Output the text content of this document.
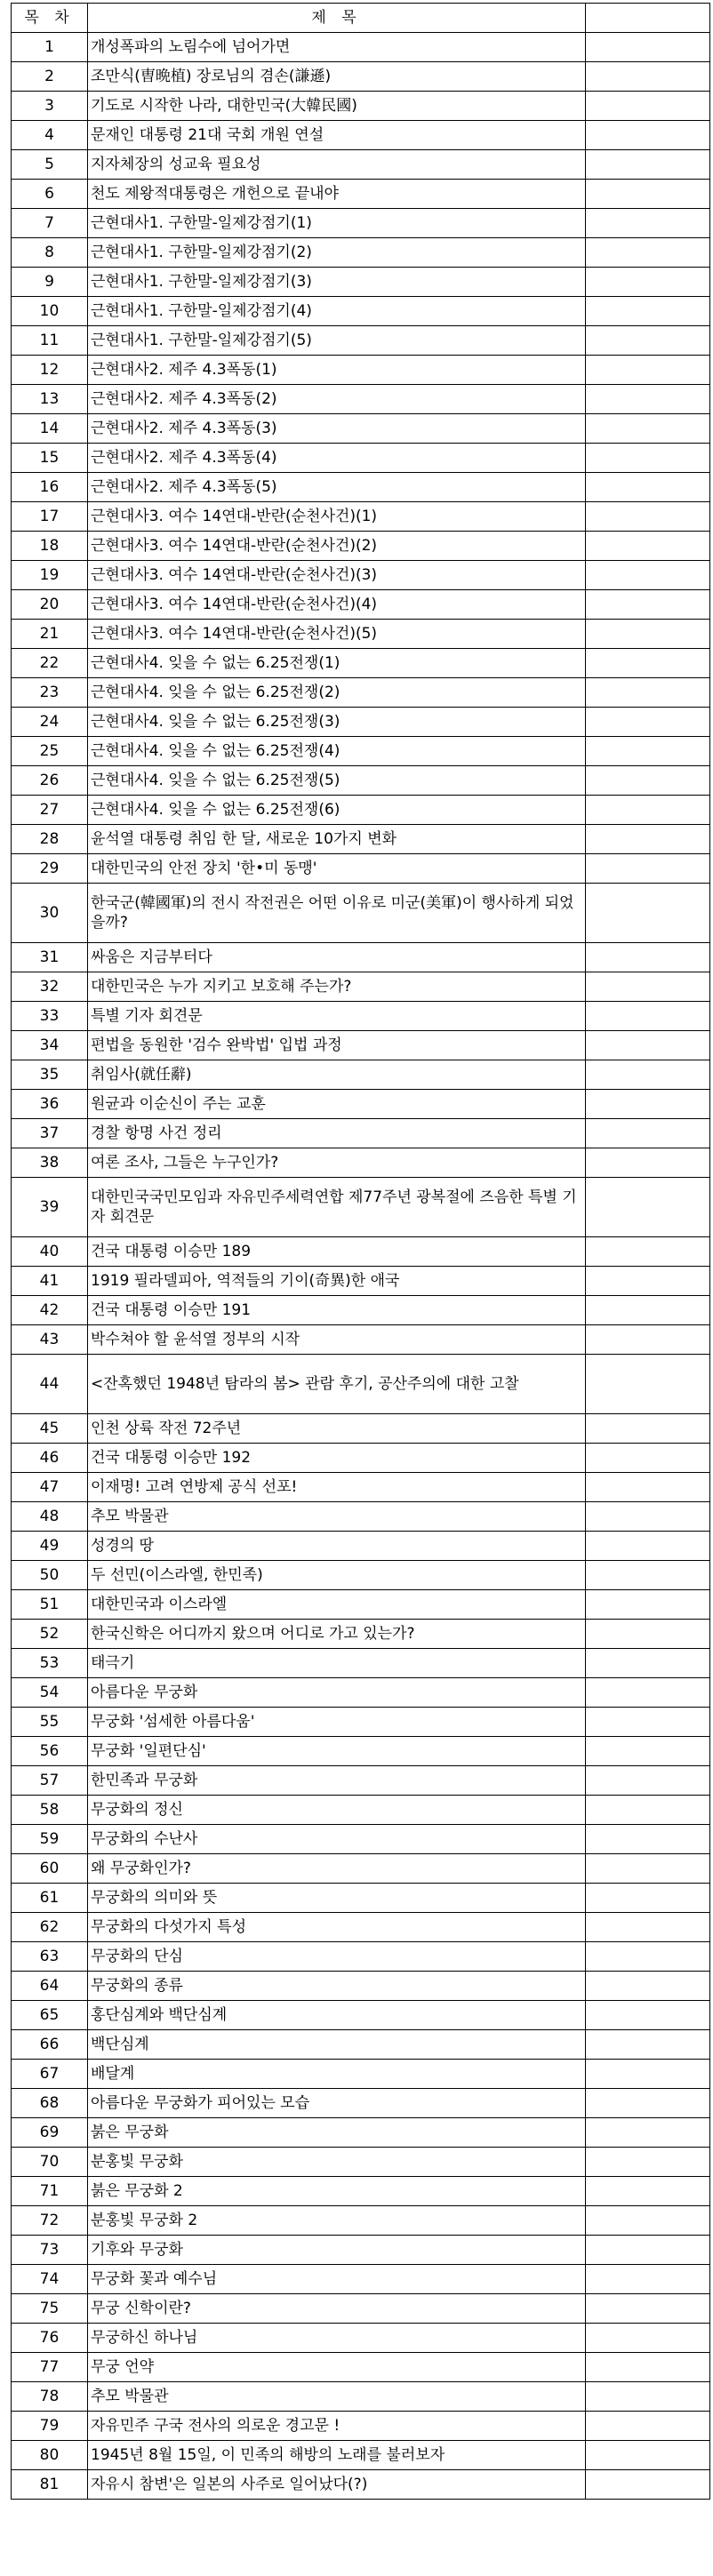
목 차	제 목	
1	개성폭파의 노림수에 넘어가면	
2	조만식(曺晩植) 장로님의 겸손(謙遜)	
3	기도로 시작한 나라, 대한민국(大韓民國)	
4	문재인 대통령 21대 국회 개원 연설	
5	지자체장의 성교육 필요성	
6	천도 제왕적대통령은 개헌으로 끝내야	
7	근현대사1. 구한말-일제강점기(1)	
8	근현대사1. 구한말-일제강점기(2)	
9	근현대사1. 구한말-일제강점기(3)	
10	근현대사1. 구한말-일제강점기(4)	
11	근현대사1. 구한말-일제강점기(5)	
12	근현대사2. 제주 4.3폭동(1)	
13	근현대사2. 제주 4.3폭동(2)	
14	근현대사2. 제주 4.3폭동(3)	
15	근현대사2. 제주 4.3폭동(4)	
16	근현대사2. 제주 4.3폭동(5)	
17	근현대사3. 여수 14연대-반란(순천사건)(1)	
18	근현대사3. 여수 14연대-반란(순천사건)(2)	
19	근현대사3. 여수 14연대-반란(순천사건)(3)	
20	근현대사3. 여수 14연대-반란(순천사건)(4)	
21	근현대사3. 여수 14연대-반란(순천사건)(5)	
22	근현대사4. 잊을 수 없는 6.25전쟁(1)	
23	근현대사4. 잊을 수 없는 6.25전쟁(2)	
24	근현대사4. 잊을 수 없는 6.25전쟁(3)	
25	근현대사4. 잊을 수 없는 6.25전쟁(4)	
26	근현대사4. 잊을 수 없는 6.25전쟁(5)	
27	근현대사4. 잊을 수 없는 6.25전쟁(6)	
28	윤석열 대통령 취임 한 달, 새로운 10가지 변화	
29	대한민국의 안전 장치 '한•미 동맹'	
30	한국군(韓國軍)의 전시 작전권은 어떤 이유로 미군(美軍)이 행사하게 되었을까?	
31	싸움은 지금부터다	
32	대한민국은 누가 지키고 보호해 주는가?	
33	특별 기자 회견문	
34	편법을 동원한 '검수 완박법' 입법 과정	
35	취임사(就任辭)	
36	원균과 이순신이 주는 교훈	
37	경찰 항명 사건 정리	
38	여론 조사, 그들은 누구인가?	
39	대한민국국민모임과 자유민주세력연합 제77주년 광복절에 즈음한 특별 기자 회견문	
40	건국 대통령 이승만 189	
41	1919 필라델피아, 역적들의 기이(奇異)한 애국	
42	건국 대통령 이승만 191	
43	박수쳐야 할 윤석열 정부의 시작	
44	<잔혹했던 1948년 탐라의 봄> 관람 후기, 공산주의에 대한 고찰	
45	인천 상륙 작전 72주년	
46	건국 대통령 이승만 192	
47	이재명! 고려 연방제 공식 선포!	
48	추모 박물관	
49	성경의 땅	
50	두 선민(이스라엘, 한민족)	
51	대한민국과 이스라엘	
52	한국신학은 어디까지 왔으며 어디로 가고 있는가?	
53	태극기	
54	아름다운 무궁화	
55	무궁화 '섬세한 아름다움'	
56	무궁화 '일편단심'	
57	한민족과 무궁화	
58	무궁화의 정신	
59	무궁화의 수난사	
60	왜 무궁화인가?	
61	무궁화의 의미와 뜻	
62	무궁화의 다섯가지 특성	
63	무궁화의 단심	
64	무궁화의 종류	
65	홍단심계와 백단심계	
66	백단심계	
67	배달계	
68	아름다운 무궁화가 피어있는 모습	
69	붉은 무궁화	
70	분홍빛 무궁화	
71	붉은 무궁화 2	
72	분홍빛 무궁화 2	
73	기후와 무궁화	
74	무궁화 꽃과 예수님	
75	무궁 신학이란?	
76	무궁하신 하나님	
77	무궁 언약	
78	추모 박물관	
79	자유민주 구국 전사의 의로운 경고문 !	
80	1945년 8월 15일, 이 민족의 해방의 노래를 불러보자	
81	자유시 참변'은 일본의 사주로 일어났다(?)	
